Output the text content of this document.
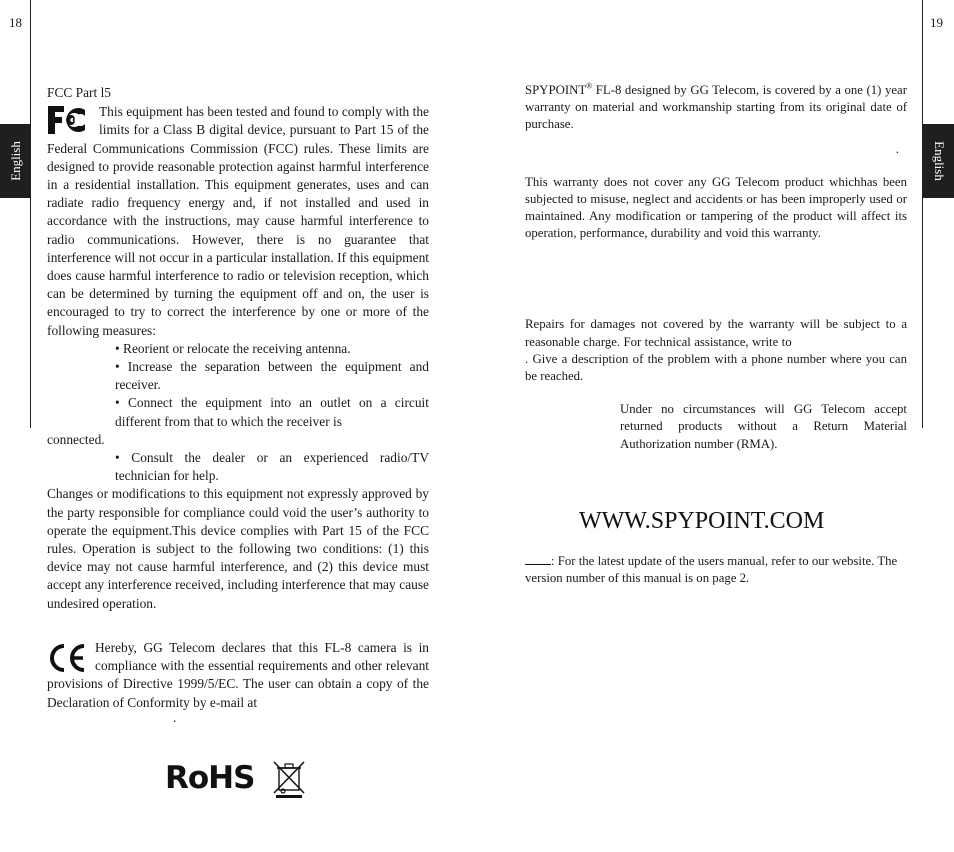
18	19
English	English

FCC Part l5

This equipment has been tested and found to comply with the limits for a Class B digital device, pursuant to Part 15 of the Federal Communications Commission (FCC) rules. These limits are designed to provide reasonable protection against harmful interference in a residential installation. This equipment generates, uses and can radiate radio frequency energy and, if not installed and used in accordance with the instructions, may cause harmful interference to radio communications. However, there is no guarantee that interference will not occur in a particular installation. If this equipment does cause harmful interference to radio or television reception, which can be determined by turning the equipment off and on, the user is encouraged to try to correct the interference by one or more of the following measures:

• Reorient or relocate the receiving antenna.

• Increase the separation between the equipment and receiver.

• Connect the equipment into an outlet on a circuit different from that to which the receiver is

connected.

• Consult the dealer or an experienced radio/TV technician for help.

Changes or modifications to this equipment not expressly approved by the party responsible for compliance could void the user’s authority to operate the equipment.This device complies with Part 15 of the FCC rules. Operation is subject to the following two conditions: (1) this device may not cause harmful interference, and (2) this device must accept any interference received, including interference that may cause undesired operation.

Hereby, GG Telecom declares that this FL-8 camera is in compliance with the essential requirements and other relevant provisions of Directive 1999/5/EC. The user can obtain a copy of the Declaration of Conformity by e-mail at

.

RoHS

SPYPOINT® FL-8 designed by GG Telecom, is covered by a one (1) year warranty on material and workmanship starting from its original date of purchase.

.

This warranty does not cover any GG Telecom product whichhas been subjected to misuse, neglect and accidents or has been improperly used or maintained. Any modification or tampering of the product will affect its operation, performance, durability and void this warranty.

Repairs for damages not covered by the warranty will be subject to a reasonable charge. For technical assistance, write to . Give a description of the problem with a phone number where you can be reached.

Under no circumstances will GG Telecom accept returned products without a Return Material Authorization number (RMA).

WWW.SPYPOINT.COM
: For the latest update of the users manual, refer to our website. The version number of this manual is on page 2.
